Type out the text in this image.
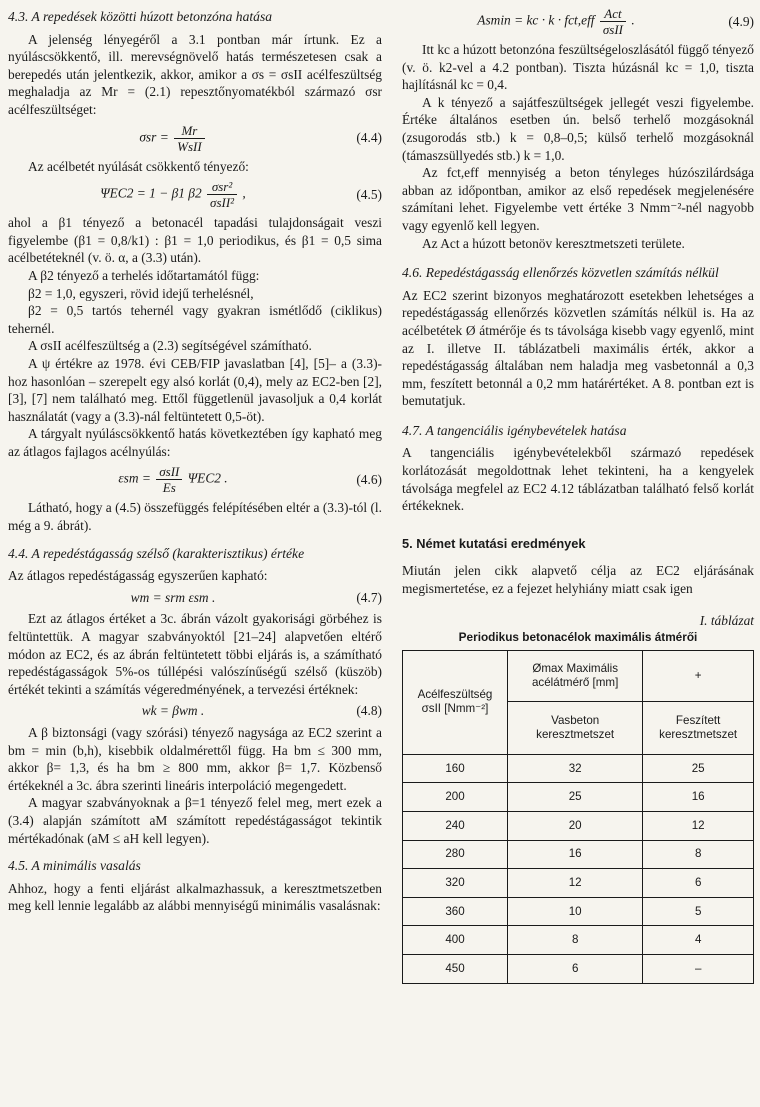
4.3. A repedések közötti húzott betonzóna hatása

A jelenség lényegéről a 3.1 pontban már írtunk. Ez a nyúláscsökkentő, ill. merevségnövelő hatás természetesen csak a berepedés után jelentkezik, akkor, amikor a σs = σsII acélfeszültség meghaladja az Mr = (2.1) repesztőnyomatékból származó σsr acélfeszültséget:

$\sigma sr = \frac{Mr}{\text{WsII}}$	(4.4)

Az acélbetét nyúlását csökkentő tényező:

ΨEC2 = 1 − β1 $\beta 2 \frac{\text{σsr²}}{\text{σsII²}}$ ,	(4.5)

ahol a β1 tényező a betonacél tapadási tulajdonságait veszi figyelembe (β1 = 0,8/k1) : β1 = 1,0 periodikus, és β1 = 0,5 sima acélbetéteknél (v. ö. α, a (3.3) után).

A β2 tényező a terhelés időtartamától függ:

β2 = 1,0, egyszeri, rövid idejű terhelésnél,

β2 = 0,5 tartós tehernél vagy gyakran ismétlődő (ciklikus) tehernél.

A σsII acélfeszültség a (2.3) segítségével számítható.

A ψ értékre az 1978. évi CEB/FIP javaslatban [4], [5]– a (3.3)-hoz hasonlóan – szerepelt egy alsó korlát (0,4), mely az EC2-ben [2], [3], [7] nem található meg. Ettől függetlenül javasoljuk a 0,4 korlát használatát (vagy a (3.3)-nál feltüntetett 0,5-öt).

A tárgyalt nyúláscsökkentő hatás következtében így kapható meg az átlagos fajlagos acélnyúlás:

$\varepsilon sm = \frac{\text{σsII}}{Es} \Psi EC2$ .	(4.6)

Látható, hogy a (4.5) összefüggés felépítésében eltér a (3.3)-tól (l. még a 9. ábrát).

4.4. A repedéstágasság szélső (karakterisztikus) értéke

Az átlagos repedéstágasság egyszerűen kapható:

wm = srm εsm .	(4.7)

Ezt az átlagos értéket a 3c. ábrán vázolt gyakorisági görbéhez is feltüntettük. A magyar szabványoktól [21–24] alapvetően eltérő módon az EC2, és az ábrán feltüntetett többi eljárás is, a számítható repedéstágasságok 5%-os túllépési valószínűségű szélső (küszöb) értékét tekinti a számítás végeredményének, a tervezési értéknek:

wk = βwm .	(4.8)

A β biztonsági (vagy szórási) tényező nagysága az EC2 szerint a bm = min (b,h), kisebbik oldalmérettől függ. Ha bm ≤ 300 mm, akkor β= 1,3, és ha bm ≥ 800 mm, akkor β= 1,7. Közbenső értékeknél a 3c. ábra szerinti lineáris interpoláció megengedett.

A magyar szabványoknak a β=1 tényező felel meg, mert ezek a (3.4) alapján számított aM számított repedéstágasságot tekintik mértékadónak (aM ≤ aH kell legyen).

4.5. A minimális vasalás

Ahhoz, hogy a fenti eljárást alkalmazhassuk, a keresztmetszetben meg kell lennie legalább az alábbi mennyiségű minimális vasalásnak:

Asmin = kc · $k \cdot fct,eff \frac{\text{Act}}{\text{σsII}}$ .	(4.9)

Itt kc a húzott betonzóna feszültségeloszlásától függő tényező (v. ö. k2-vel a 4.2 pontban). Tiszta húzásnál kc = 1,0, tiszta hajlításnál kc = 0,4.

A k tényező a sajátfeszültségek jellegét veszi figyelembe. Értéke általános esetben ún. belső terhelő mozgásoknál (zsugorodás stb.) k = 0,8–0,5; külső terhelő mozgásoknál (támaszsüllyedés stb.) k = 1,0.

Az fct,eff mennyiség a beton tényleges húzószilárdsága abban az időpontban, amikor az első repedések megjelenésére számítani lehet. Figyelembe vett értéke 3 Nmm⁻²-nél nagyobb vagy egyenlő kell legyen.

Az Act a húzott betonöv keresztmetszeti területe.

4.6. Repedéstágasság ellenőrzés közvetlen számítás nélkül

Az EC2 szerint bizonyos meghatározott esetekben lehetséges a repedéstágasság ellenőrzés közvetlen számítás nélkül is. Ha az acélbetétek Ø átmérője és ts távolsága kisebb vagy egyenlő, mint az I. illetve II. táblázatbeli maximális érték, akkor a repedéstágasság általában nem haladja meg vasbetonnál a 0,3 mm, feszített betonnál a 0,2 mm határértéket. A 8. pontban ezt is bemutatjuk.

4.7. A tangenciális igénybevételek hatása

A tangenciális igénybevételekből származó repedések korlátozását megoldottnak lehet tekinteni, ha a kengyelek távolsága megfelel az EC2 4.12 táblázatban található felső korlát értékeknek.

5. Német kutatási eredmények

Miután jelen cikk alapvető célja az EC2 eljárásának megismertetése, ez a fejezet helyhiány miatt csak igen

I. táblázat
Periodikus betonacélok maximális átmérői
Acélfeszültség σsII [Nmm⁻²]	Ømax Maximális acélátmérő [mm]	+
	Vasbeton keresztmetszet	Feszített keresztmetszet
160	32	25
200	25	16
240	20	12
280	16	8
320	12	6
360	10	5
400	8	4
450	6	–
